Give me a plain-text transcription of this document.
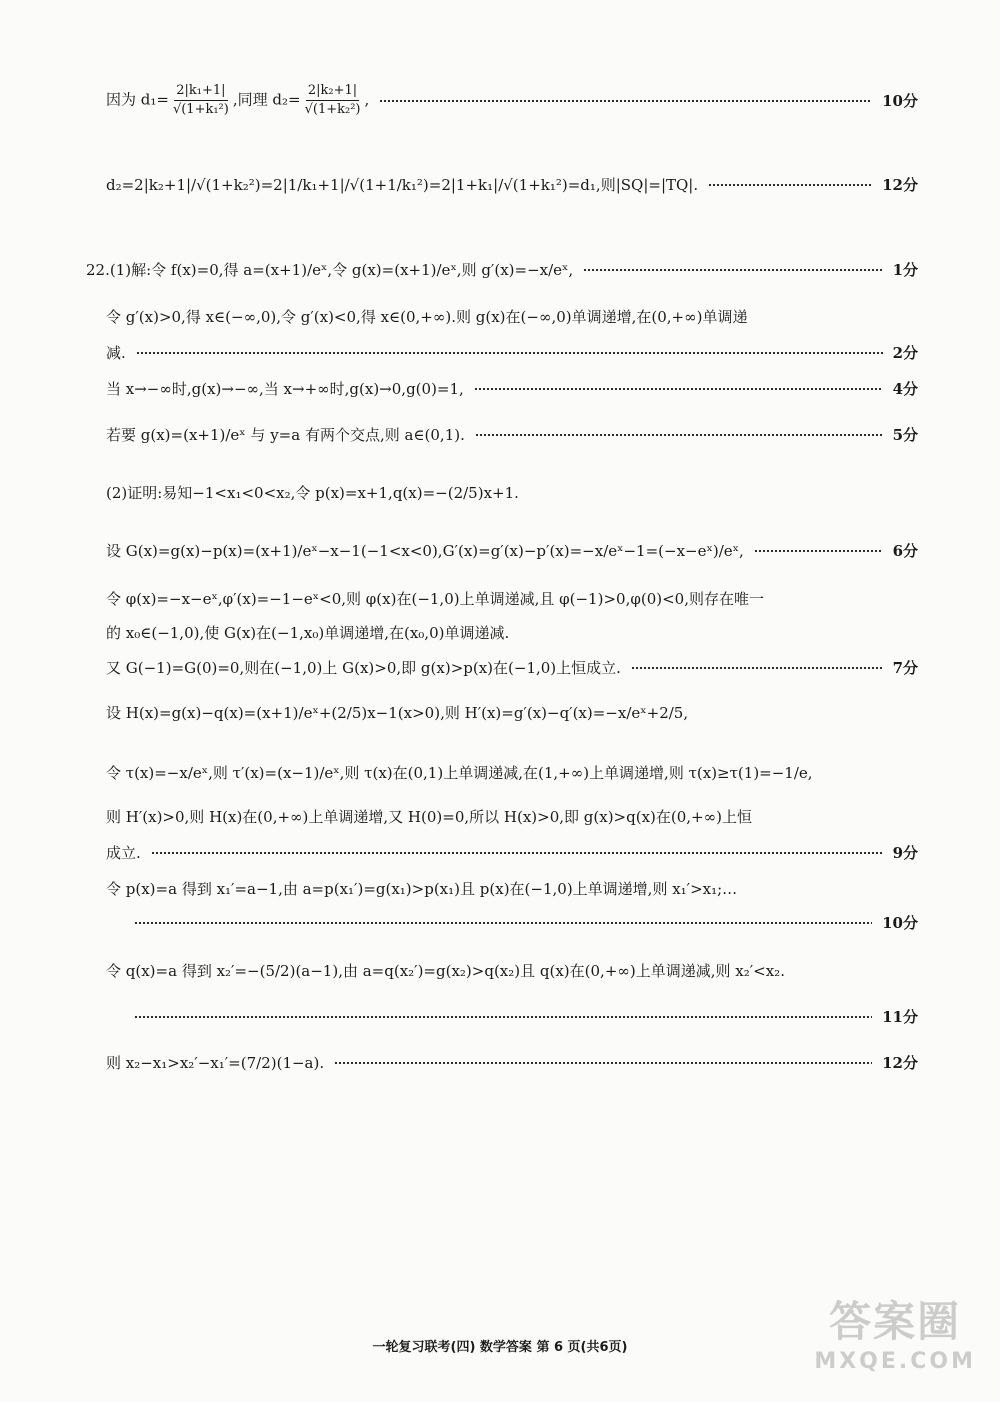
因为 $d_1= \frac{\text{2|k₁+1|}}{\text{√(1+k₁²)}}$ ,同理 $d_2= \frac{\text{2|k₂+1|}}{\text{√(1+k₂²)}}$ ,	10分
d₂=2|k₂+1|/√(1+k₂²)=2|1/k₁+1|/√(1+1/k₁²)=2|1+k₁|/√(1+k₁²)=d₁,则|SQ|=|TQ|.	12分
22.(1)解:令 f(x)=0,得 a=(x+1)/eˣ,令 g(x)=(x+1)/eˣ,则 g′(x)=−x/eˣ,	1分
令 g′(x)>0,得 x∈(−∞,0),令 g′(x)<0,得 x∈(0,+∞).则 g(x)在(−∞,0)单调递增,在(0,+∞)单调递
减.	2分
当 x→−∞时,g(x)→−∞,当 x→+∞时,g(x)→0,g(0)=1,	4分
若要 g(x)=(x+1)/eˣ 与 y=a 有两个交点,则 a∈(0,1).	5分
(2)证明:易知−1<x₁<0<x₂,令 p(x)=x+1,q(x)=−(2/5)x+1.
设 G(x)=g(x)−p(x)=(x+1)/eˣ−x−1(−1<x<0),G′(x)=g′(x)−p′(x)=−x/eˣ−1=(−x−eˣ)/eˣ,	6分
令 φ(x)=−x−eˣ,φ′(x)=−1−eˣ<0,则 φ(x)在(−1,0)上单调递减,且 φ(−1)>0,φ(0)<0,则存在唯一
的 x₀∈(−1,0),使 G(x)在(−1,x₀)单调递增,在(x₀,0)单调递减.
又 G(−1)=G(0)=0,则在(−1,0)上 G(x)>0,即 g(x)>p(x)在(−1,0)上恒成立.	7分
设 H(x)=g(x)−q(x)=(x+1)/eˣ+(2/5)x−1(x>0),则 H′(x)=g′(x)−q′(x)=−x/eˣ+2/5,
令 τ(x)=−x/eˣ,则 τ′(x)=(x−1)/eˣ,则 τ(x)在(0,1)上单调递减,在(1,+∞)上单调递增,则 τ(x)≥τ(1)=−1/e,
则 H′(x)>0,则 H(x)在(0,+∞)上单调递增,又 H(0)=0,所以 H(x)>0,即 g(x)>q(x)在(0,+∞)上恒
成立.	9分
令 p(x)=a 得到 x₁′=a−1,由 a=p(x₁′)=g(x₁)>p(x₁)且 p(x)在(−1,0)上单调递增,则 x₁′>x₁;…
10分
令 q(x)=a 得到 x₂′=−(5/2)(a−1),由 a=q(x₂′)=g(x₂)>q(x₂)且 q(x)在(0,+∞)上单调递减,则 x₂′<x₂.
11分
则 x₂−x₁>x₂′−x₁′=(7/2)(1−a).	12分
一轮复习联考(四) 数学答案 第 6 页(共6页)
答案圈
MXQE.COM
